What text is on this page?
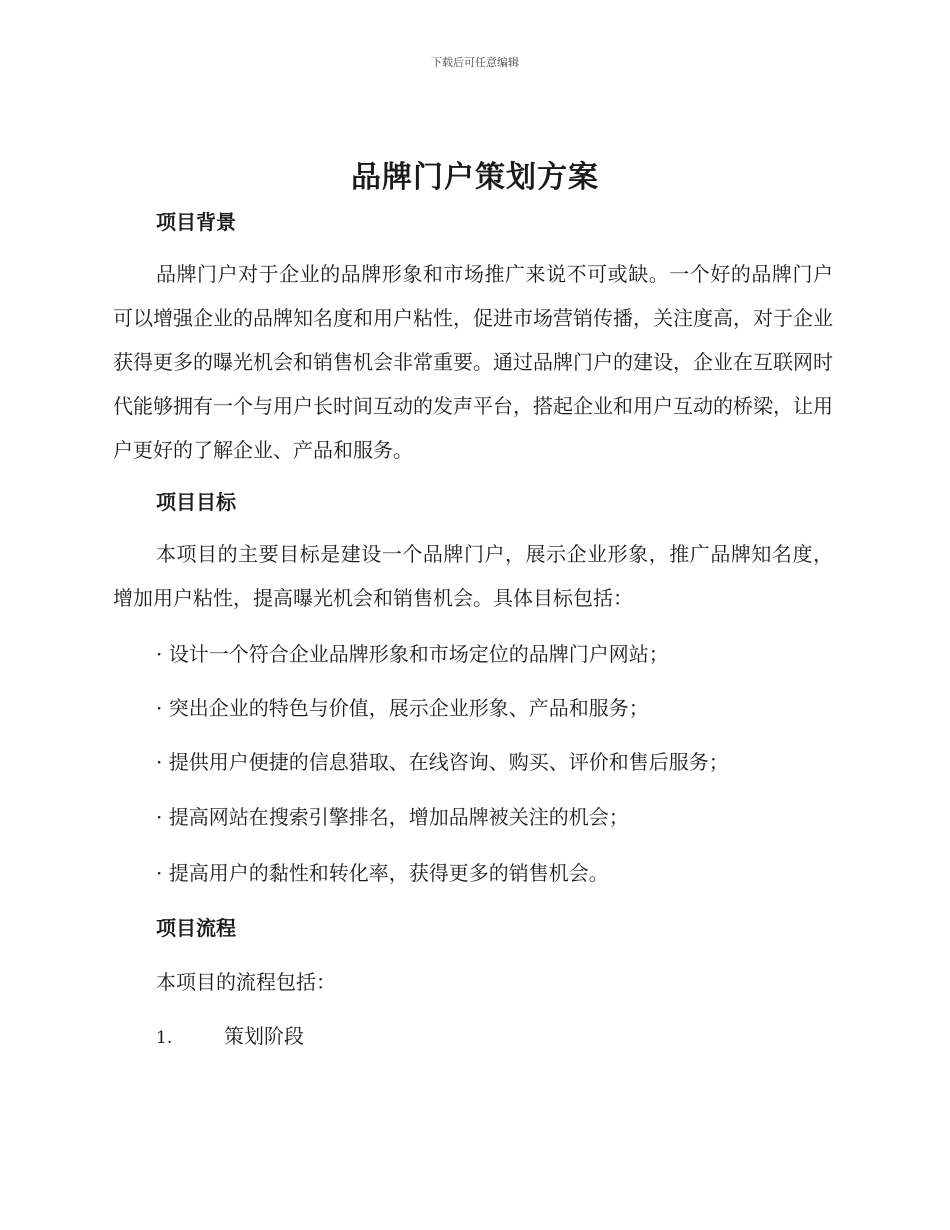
下载后可任意编辑
品牌门户策划方案
项目背景

品牌门户对于企业的品牌形象和市场推广来说不可或缺。一个好的品牌门户可以增强企业的品牌知名度和用户粘性，促进市场营销传播，关注度高，对于企业获得更多的曝光机会和销售机会非常重要。通过品牌门户的建设，企业在互联网时代能够拥有一个与用户长时间互动的发声平台，搭起企业和用户互动的桥梁，让用户更好的了解企业、产品和服务。

项目目标

本项目的主要目标是建设一个品牌门户，展示企业形象，推广品牌知名度，增加用户粘性，提高曝光机会和销售机会。具体目标包括：

· 设计一个符合企业品牌形象和市场定位的品牌门户网站；

· 突出企业的特色与价值，展示企业形象、产品和服务；

· 提供用户便捷的信息猎取、在线咨询、购买、评价和售后服务；

· 提高网站在搜索引擎排名，增加品牌被关注的机会；

· 提高用户的黏性和转化率，获得更多的销售机会。

项目流程

本项目的流程包括：

1.	策划阶段
